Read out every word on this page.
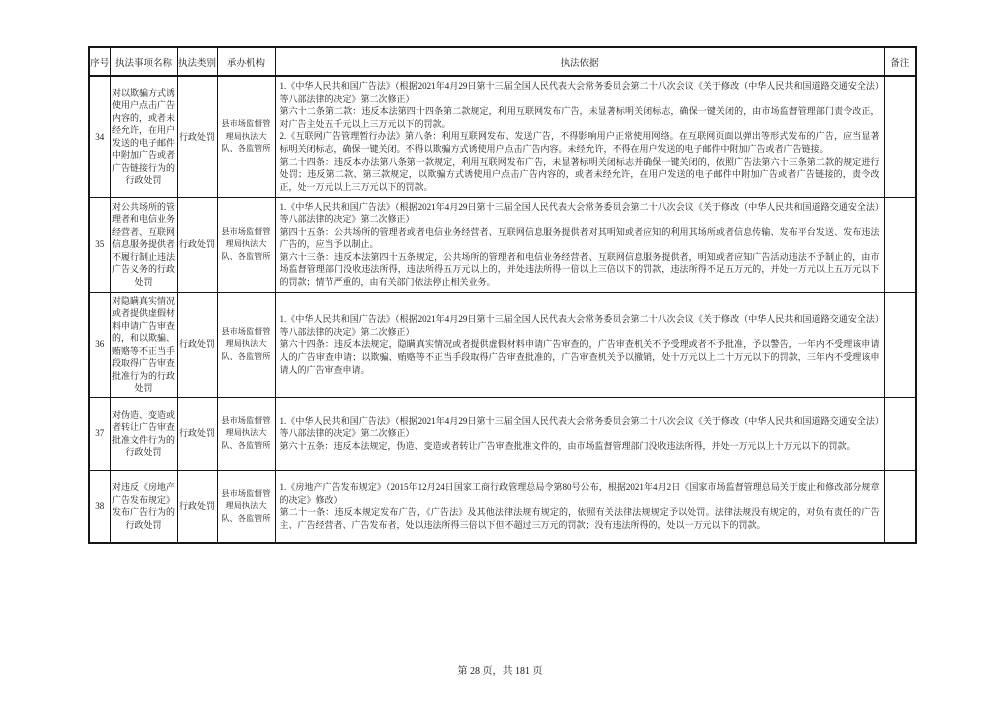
序号	执法事项名称	执法类别	承办机构	执法依据	备注
34	对以欺骗方式诱使用户点击广告内容的，或者未经允许，在用户发送的电子邮件中附加广告或者广告链接行为的行政处罚	行政处罚	县市场监督管理局执法大队、各监管所	1.《中华人民共和国广告法》（根据2021年4月29日第十三届全国人民代表大会常务委员会第二十八次会议《关于修改（中华人民共和国道路交通安全法）等八部法律的决定》第二次修正）

第六十二条第二款：违反本法第四十四条第二款规定，利用互联网发布广告，未显著标明关闭标志，确保一键关闭的，由市场监督管理部门责令改正，对广告主处五千元以上三万元以下的罚款。

2.《互联网广告管理暂行办法》第八条：利用互联网发布、发送广告，不得影响用户正常使用网络。在互联网页面以弹出等形式发布的广告，应当显著标明关闭标志，确保一键关闭。不得以欺骗方式诱使用户点击广告内容。未经允许，不得在用户发送的电子邮件中附加广告或者广告链接。

第二十四条：违反本办法第八条第一款规定，利用互联网发布广告，未显著标明关闭标志并确保一键关闭的，依照广告法第六十三条第二款的规定进行处罚；违反第二款、第三款规定，以欺骗方式诱使用户点击广告内容的，或者未经允许，在用户发送的电子邮件中附加广告或者广告链接的，责令改正，处一万元以上三万元以下的罚款。	

35	对公共场所的管理者和电信业务经营者、互联网信息服务提供者不履行制止违法广告义务的行政处罚	行政处罚	县市场监督管理局执法大队、各监管所	1.《中华人民共和国广告法》（根据2021年4月29日第十三届全国人民代表大会常务委员会第二十八次会议《关于修改（中华人民共和国道路交通安全法）等八部法律的决定》第二次修正）

第四十五条：公共场所的管理者或者电信业务经营者、互联网信息服务提供者对其明知或者应知的利用其场所或者信息传输、发布平台发送、发布违法广告的，应当予以制止。

第六十三条：违反本法第四十五条规定，公共场所的管理者和电信业务经营者、互联网信息服务提供者，明知或者应知广告活动违法不予制止的，由市场监督管理部门没收违法所得，违法所得五万元以上的，并处违法所得一倍以上三倍以下的罚款，违法所得不足五万元的，并处一万元以上五万元以下的罚款；情节严重的，由有关部门依法停止相关业务。	

36	对隐瞒真实情况或者提供虚假材料申请广告审查的，和以欺骗、贿赂等不正当手段取得广告审查批准行为的行政处罚	行政处罚	县市场监督管理局执法大队、各监管所	1.《中华人民共和国广告法》（根据2021年4月29日第十三届全国人民代表大会常务委员会第二十八次会议《关于修改（中华人民共和国道路交通安全法）等八部法律的决定》第二次修正）

第六十四条：违反本法规定，隐瞒真实情况或者提供虚假材料申请广告审查的，广告审查机关不予受理或者不予批准，予以警告，一年内不受理该申请人的广告审查申请；以欺骗、贿赂等不正当手段取得广告审查批准的，广告审查机关予以撤销，处十万元以上二十万元以下的罚款，三年内不受理该申请人的广告审查申请。	

37	对伪造、变造或者转让广告审查批准文件行为的行政处罚	行政处罚	县市场监督管理局执法大队、各监管所	1.《中华人民共和国广告法》（根据2021年4月29日第十三届全国人民代表大会常务委员会第二十八次会议《关于修改（中华人民共和国道路交通安全法）等八部法律的决定》第二次修正）

第六十五条：违反本法规定，伪造、变造或者转让广告审查批准文件的，由市场监督管理部门没收违法所得，并处一万元以上十万元以下的罚款。	

38	对违反《房地产广告发布规定》发布广告行为的行政处罚	行政处罚	县市场监督管理局执法大队、各监管所	1.《房地产广告发布规定》（2015年12月24日国家工商行政管理总局令第80号公布，根据2021年4月2日《国家市场监督管理总局关于废止和修改部分规章的决定》修改）

第二十一条：违反本规定发布广告，《广告法》及其他法律法规有规定的，依照有关法律法规规定予以处罚。法律法规没有规定的，对负有责任的广告主、广告经营者、广告发布者，处以违法所得三倍以下但不超过三万元的罚款；没有违法所得的，处以一万元以下的罚款。	

第 28 页，共 181 页
